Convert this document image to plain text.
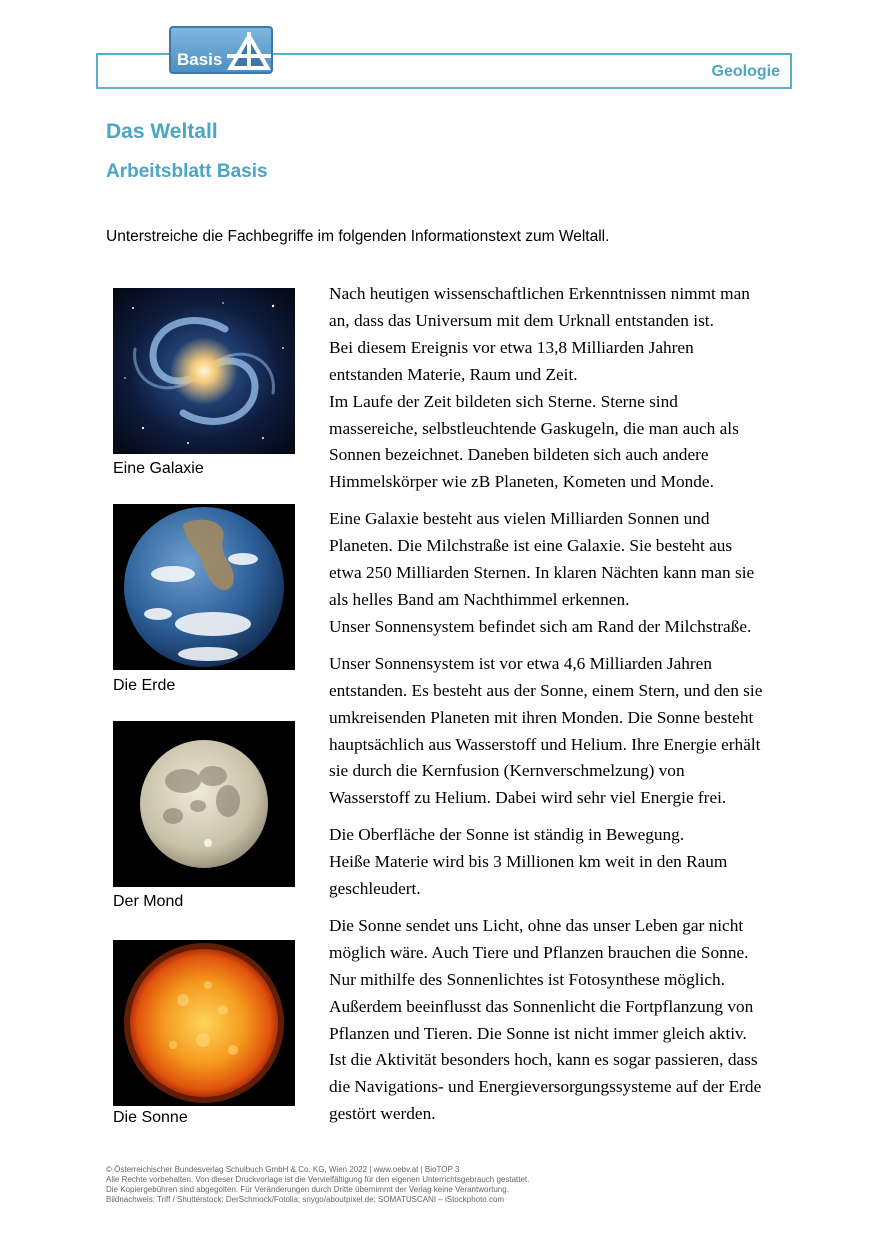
Geologie
Basis
Das Weltall
Arbeitsblatt Basis
Unterstreiche die Fachbegriffe im folgenden Informationstext zum Weltall.
Eine Galaxie
Die Erde
Der Mond
Die Sonne

Nach heutigen wissenschaftlichen Erkenntnissen nimmt man
an, dass das Universum mit dem Urknall entstanden ist.
Bei diesem Ereignis vor etwa 13,8 Milliarden Jahren
entstanden Materie, Raum und Zeit.
Im Laufe der Zeit bildeten sich Sterne. Sterne sind
massereiche, selbstleuchtende Gaskugeln, die man auch als
Sonnen bezeichnet. Daneben bildeten sich auch andere
Himmelskörper wie zB Planeten, Kometen und Monde.

Eine Galaxie besteht aus vielen Milliarden Sonnen und
Planeten. Die Milchstraße ist eine Galaxie. Sie besteht aus
etwa 250 Milliarden Sternen. In klaren Nächten kann man sie
als helles Band am Nachthimmel erkennen.
Unser Sonnensystem befindet sich am Rand der Milchstraße.

Unser Sonnensystem ist vor etwa 4,6 Milliarden Jahren
entstanden. Es besteht aus der Sonne, einem Stern, und den sie
umkreisenden Planeten mit ihren Monden. Die Sonne besteht
hauptsächlich aus Wasserstoff und Helium. Ihre Energie erhält
sie durch die Kernfusion (Kernverschmelzung) von
Wasserstoff zu Helium. Dabei wird sehr viel Energie frei.

Die Oberfläche der Sonne ist ständig in Bewegung.
Heiße Materie wird bis 3 Millionen km weit in den Raum
geschleudert.

Die Sonne sendet uns Licht, ohne das unser Leben gar nicht
möglich wäre. Auch Tiere und Pflanzen brauchen die Sonne.
Nur mithilfe des Sonnenlichtes ist Fotosynthese möglich.
Außerdem beeinflusst das Sonnenlicht die Fortpflanzung von
Pflanzen und Tieren. Die Sonne ist nicht immer gleich aktiv.
Ist die Aktivität besonders hoch, kann es sogar passieren, dass
die Navigations- und Energieversorgungssysteme auf der Erde
gestört werden.

© Österreichischer Bundesverlag Schulbuch GmbH & Co. KG, Wien 2022 | www.oebv.at | BioTOP 3
Alle Rechte vorbehalten. Von dieser Druckvorlage ist die Vervielfältigung für den eigenen Unterrichtsgebrauch gestattet.
Die Kopiergebühren sind abgegolten. Für Veränderungen durch Dritte übernimmt der Verlag keine Verantwortung.
Bildnachweis: Triff / Shutterstock; DerSchmock/Fotolia; snygo/aboutpixel.de; SOMATUSCANI – iStockphoto.com
